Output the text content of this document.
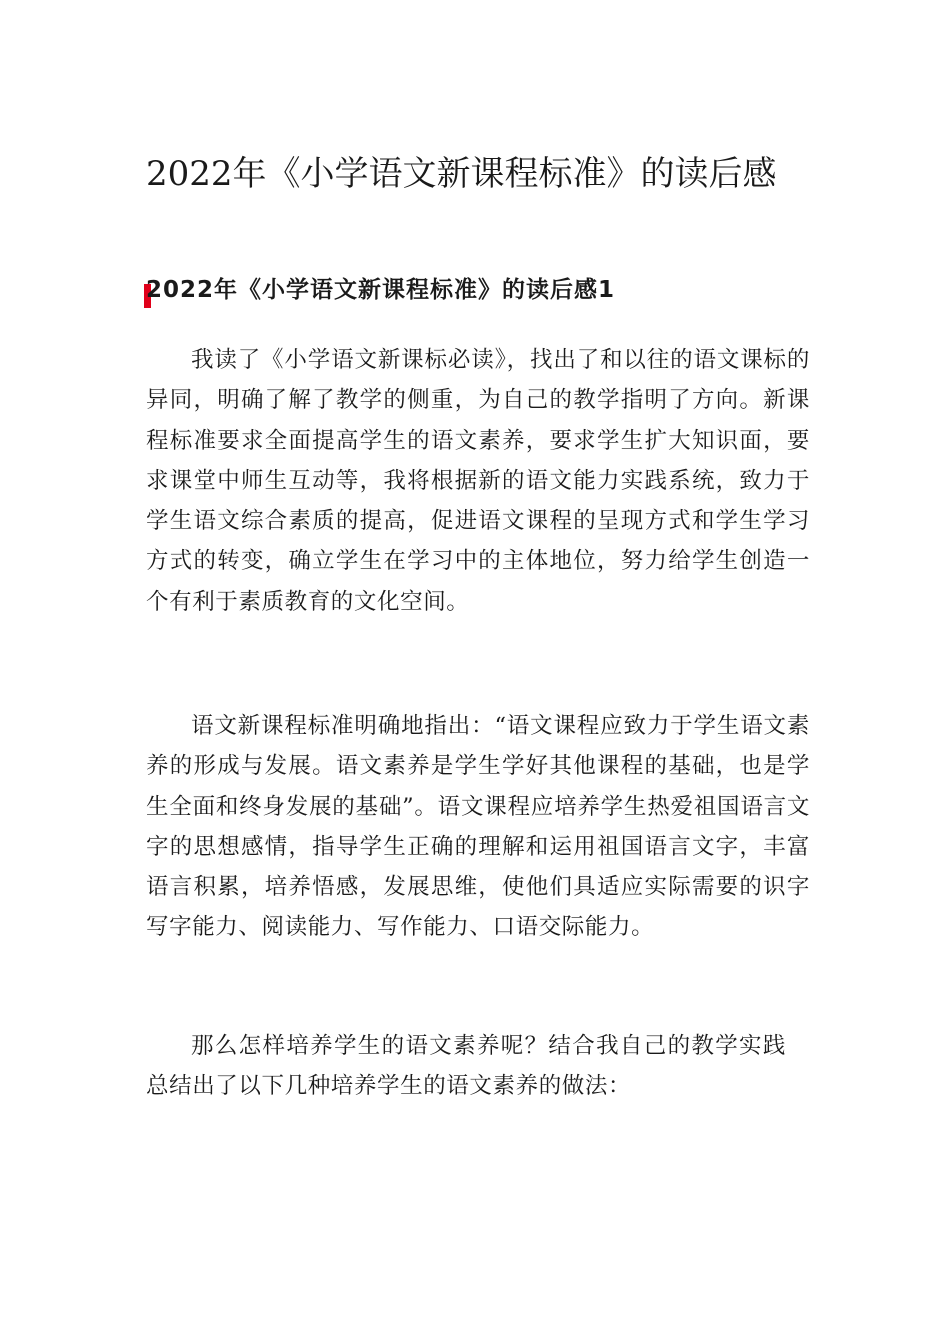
2022年《小学语文新课程标准》的读后感
2022年《小学语文新课程标准》的读后感1

我读了《小学语文新课标必读》，找出了和以往的语文课标的异同，明确了解了教学的侧重，为自己的教学指明了方向。新课程标准要求全面提高学生的语文素养，要求学生扩大知识面，要求课堂中师生互动等，我将根据新的语文能力实践系统，致力于学生语文综合素质的提高，促进语文课程的呈现方式和学生学习方式的转变，确立学生在学习中的主体地位，努力给学生创造一个有利于素质教育的文化空间。

语文新课程标准明确地指出：“语文课程应致力于学生语文素养的形成与发展。语文素养是学生学好其他课程的基础，也是学生全面和终身发展的基础”。语文课程应培养学生热爱祖国语言文字的思想感情，指导学生正确的理解和运用祖国语言文字，丰富语言积累，培养悟感，发展思维，使他们具适应实际需要的识字写字能力、阅读能力、写作能力、口语交际能力。

那么怎样培养学生的语文素养呢？结合我自己的教学实践总结出了以下几种培养学生的语文素养的做法：
